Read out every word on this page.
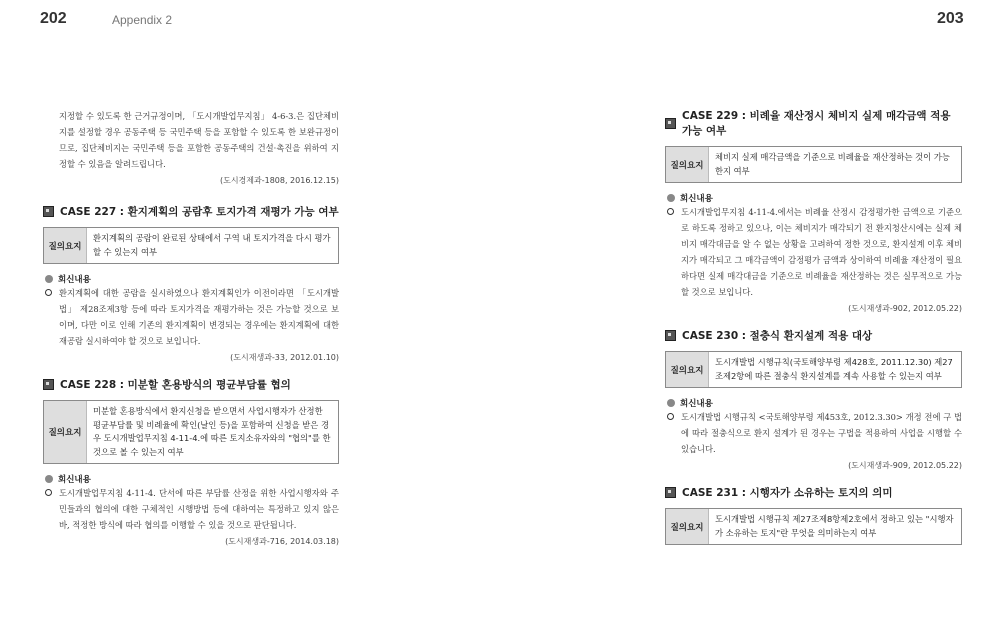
202	Appendix 2	203

지정할 수 있도록 한 근거규정이며, 「도시개발업무지침」 4-6-3.은 집단체비지를 설정할 경우 공동주택 등 국민주택 등을 포함할 수 있도록 한 보완규정이므로, 집단체비지는 국민주택 등을 포함한 공동주택의 건설·촉진을 위하여 지정할 수 있음을 알려드립니다.

(도시경제과-1808, 2016.12.15)

CASE 227 : 환지계획의 공람후 토지가격 재평가 가능 여부
질의요지
환지계획의 공람이 완료된 상태에서 구역 내 토지가격을 다시 평가 할 수 있는지 여부
회신내용

환지계획에 대한 공람을 실시하였으나 환지계획인가 이전이라면 「도시개발법」 제28조제3항 등에 따라 토지가격을 재평가하는 것은 가능할 것으로 보이며, 다만 이로 인해 기존의 환지계획이 변경되는 경우에는 환지계획에 대한 재공람 실시하여야 할 것으로 보입니다.

(도시재생과-33, 2012.01.10)

CASE 228 : 미분할 혼용방식의 평균부담률 협의
질의요지
미분할 혼용방식에서 환지신청을 받으면서 사업시행자가 산정한 평균부담률 및 비례율에 확인(날인 등)을 포함하여 신청을 받은 경우 도시개발업무지침 4-11-4.에 따른 토지소유자와의 "협의"를 한 것으로 볼 수 있는지 여부
회신내용

도시개발업무지침 4-11-4. 단서에 따른 부담률 산정을 위한 사업시행자와 주민들과의 협의에 대한 구체적인 시행방법 등에 대하여는 특정하고 있지 않은 바, 적정한 방식에 따라 협의를 이행할 수 있을 것으로 판단됩니다.

(도시재생과-716, 2014.03.18)

CASE 229 : 비례율 재산정시 체비지 실제 매각금액 적용 가능 여부
질의요지
체비지 실제 매각금액을 기준으로 비례율을 재산정하는 것이 가능한지 여부
회신내용

도시개발업무지침 4-11-4.에서는 비례율 산정시 감정평가한 금액으로 기준으로 하도록 정하고 있으나, 이는 체비지가 매각되기 전 환지청산시에는 실제 체비지 매각대금을 알 수 없는 상황을 고려하여 정한 것으로, 환지설계 이후 체비지가 매각되고 그 매각금액이 감정평가 금액과 상이하여 비례율 재산정이 필요하다면 실제 매각대금을 기준으로 비례율을 재산정하는 것은 실무적으로 가능할 것으로 보입니다.

(도시재생과-902, 2012.05.22)

CASE 230 : 절충식 환지설계 적용 대상
질의요지
도시개발법 시행규칙(국토해양부령 제428호, 2011.12.30) 제27조제2항에 따른 절충식 환지설계를 계속 사용할 수 있는지 여부
회신내용

도시개발법 시행규칙 <국토해양부령 제453호, 2012.3.30> 개정 전에 구 법에 따라 절충식으로 환지 설계가 된 경우는 구법을 적용하여 사업을 시행할 수 있습니다.

(도시재생과-909, 2012.05.22)

CASE 231 : 시행자가 소유하는 토지의 의미
질의요지
도시개발법 시행규칙 제27조제8항제2호에서 정하고 있는 "시행자가 소유하는 토지"란 무엇을 의미하는지 여부
